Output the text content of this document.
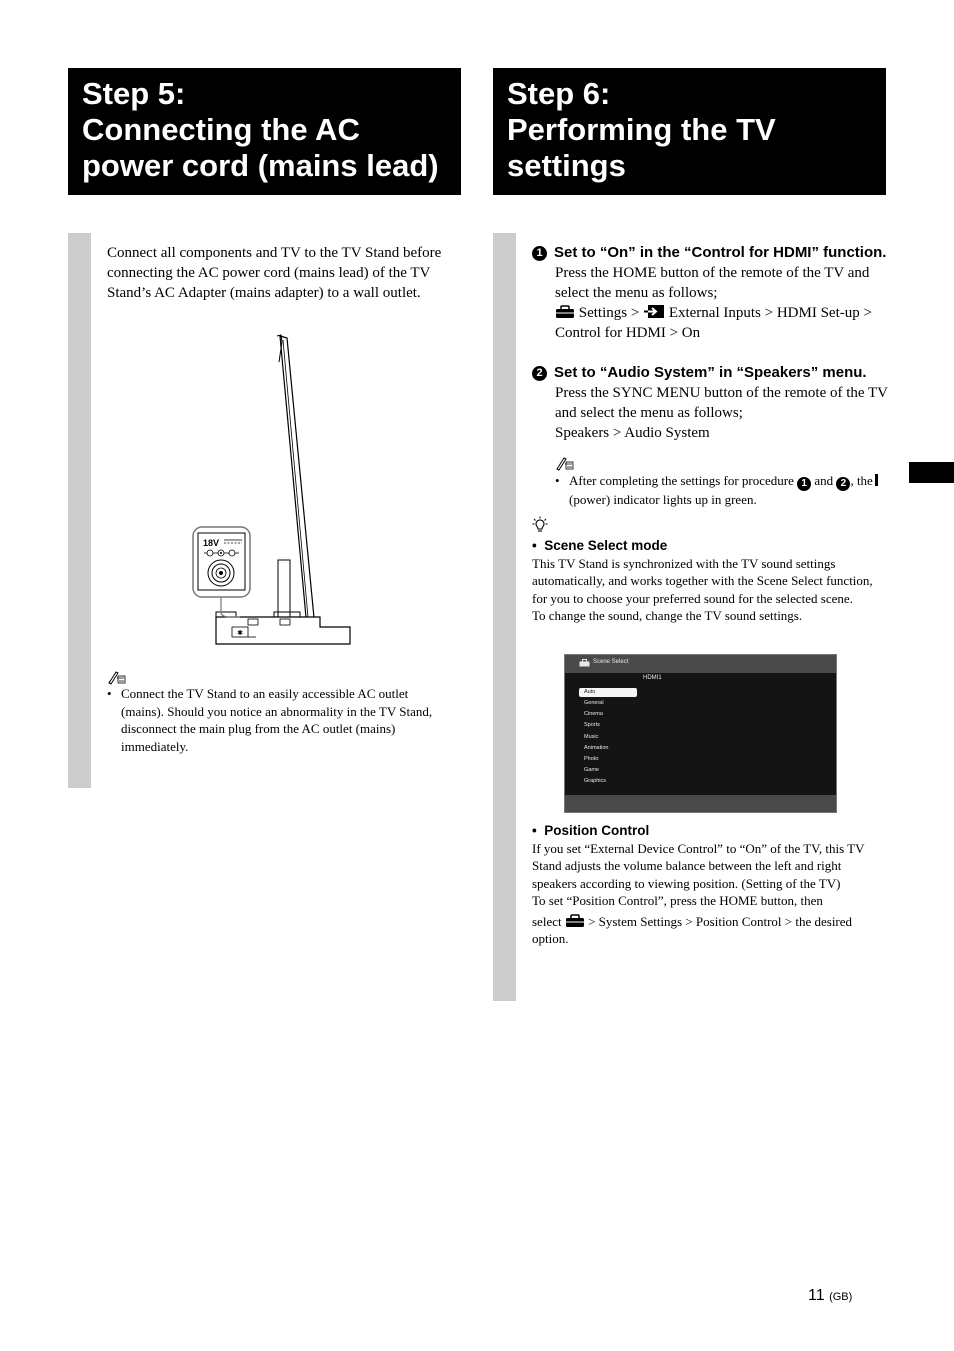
Step 5:
Connecting the AC
power cord (mains lead)
Step 6:
Performing the TV
settings
Connect all components and TV to the TV Stand before connecting the AC power cord (mains lead) of the TV Stand’s AC Adapter (mains adapter) to a wall outlet.
✱
18V
• Connect the TV Stand to an easily accessible AC outlet (mains). Should you notice an abnormality in the TV Stand, disconnect the main plug from the AC outlet (mains) immediately.
1 Set to “On” in the “Control for HDMI” function.
Press the HOME button of the remote of the TV and select the menu as follows;
Settings > External Inputs > HDMI Set-up > Control for HDMI > On
2 Set to “Audio System” in “Speakers” menu.
Press the SYNC MENU button of the remote of the TV and select the menu as follows;
Speakers > Audio System
• After completing the settings for procedure 1 and 2 , the(power) indicator lights up in green.
•  Scene Select mode
This TV Stand is synchronized with the TV sound settings automatically, and works together with the Scene Select function, for you to choose your preferred sound for the selected scene.
To change the sound, change the TV sound settings.
Scene Select
HDMI1
Auto
General
Cinema
Sports
Music
Animation
Photo
Game
Graphics
•  Position Control
If you set “External Device Control” to “On” of the TV, this TV Stand adjusts the volume balance between the left and right speakers according to viewing position. (Setting of the TV)
To set “Position Control”, press the HOME button, then
select > System Settings > Position Control > the desired option.
11 (GB)
